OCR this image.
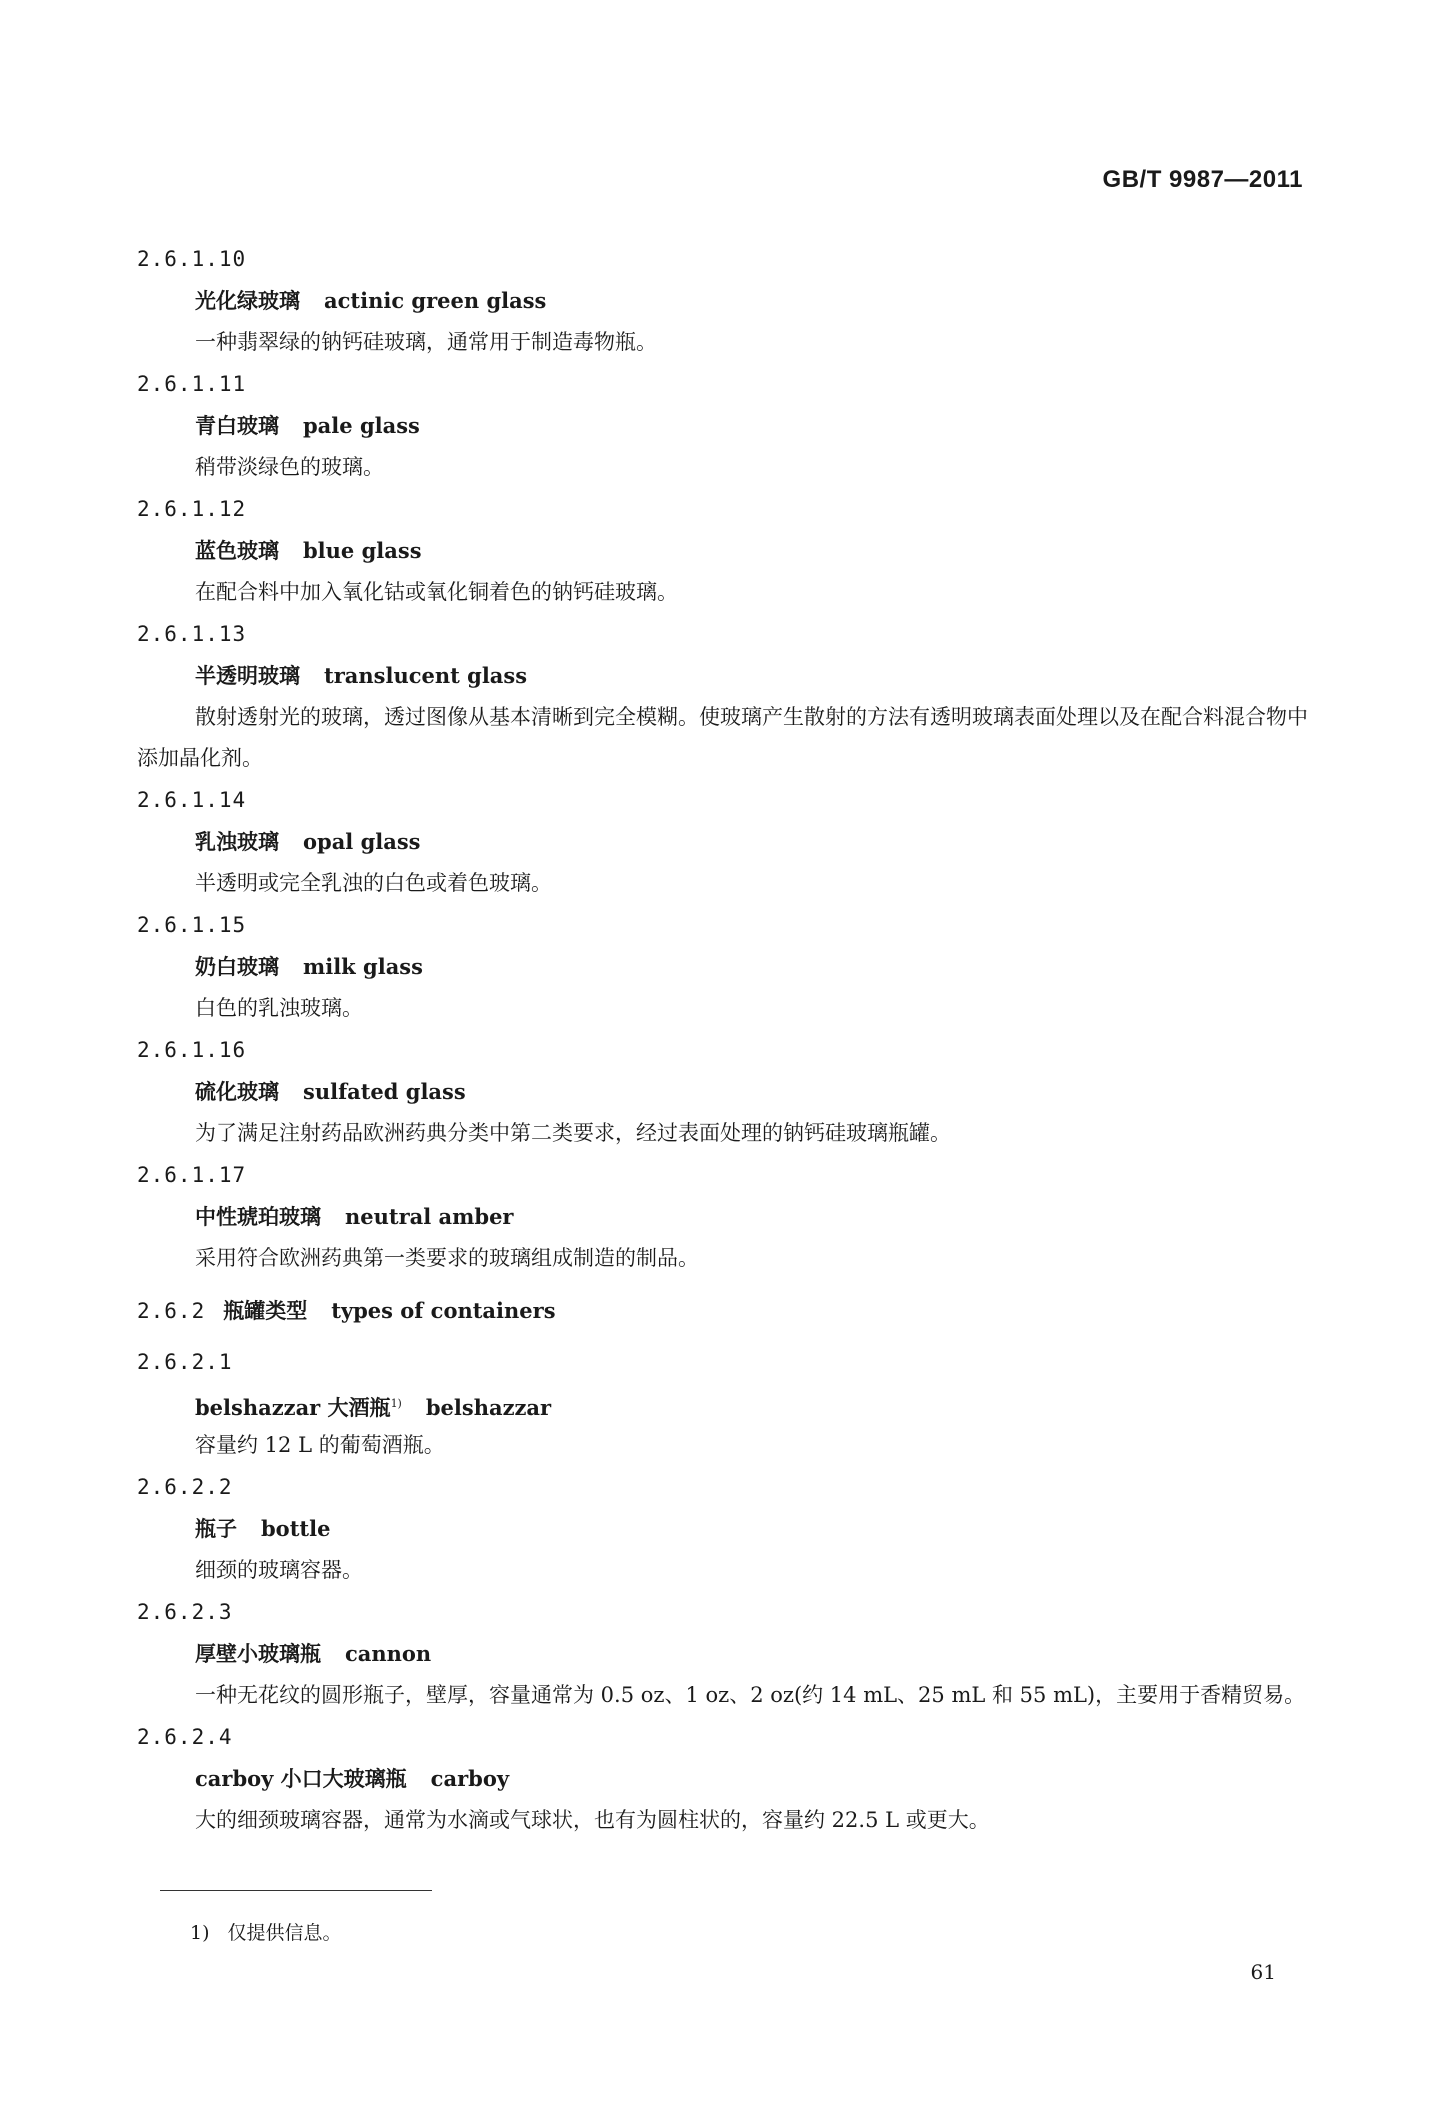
GB/T 9987—2011
2.6.1.10
光化绿玻璃 actinic green glass
一种翡翠绿的钠钙硅玻璃，通常用于制造毒物瓶。
2.6.1.11
青白玻璃 pale glass
稍带淡绿色的玻璃。
2.6.1.12
蓝色玻璃 blue glass
在配合料中加入氧化钴或氧化铜着色的钠钙硅玻璃。
2.6.1.13
半透明玻璃 translucent glass
散射透射光的玻璃，透过图像从基本清晰到完全模糊。使玻璃产生散射的方法有透明玻璃表面处理以及在配合料混合物中添加晶化剂。
2.6.1.14
乳浊玻璃 opal glass
半透明或完全乳浊的白色或着色玻璃。
2.6.1.15
奶白玻璃 milk glass
白色的乳浊玻璃。
2.6.1.16
硫化玻璃 sulfated glass
为了满足注射药品欧洲药典分类中第二类要求，经过表面处理的钠钙硅玻璃瓶罐。
2.6.1.17
中性琥珀玻璃 neutral amber
采用符合欧洲药典第一类要求的玻璃组成制造的制品。
2.6.2 瓶罐类型 types of containers
2.6.2.1
belshazzar 大酒瓶$^{1)}$ belshazzar
容量约 12 L 的葡萄酒瓶。
2.6.2.2
瓶子 bottle
细颈的玻璃容器。
2.6.2.3
厚壁小玻璃瓶 cannon
一种无花纹的圆形瓶子，壁厚，容量通常为 0.5 oz、1 oz、2 oz(约 14 mL、25 mL 和 55 mL)，主要用于香精贸易。
2.6.2.4
carboy 小口大玻璃瓶 carboy
大的细颈玻璃容器，通常为水滴或气球状，也有为圆柱状的，容量约 22.5 L 或更大。
1) 仅提供信息。
61
